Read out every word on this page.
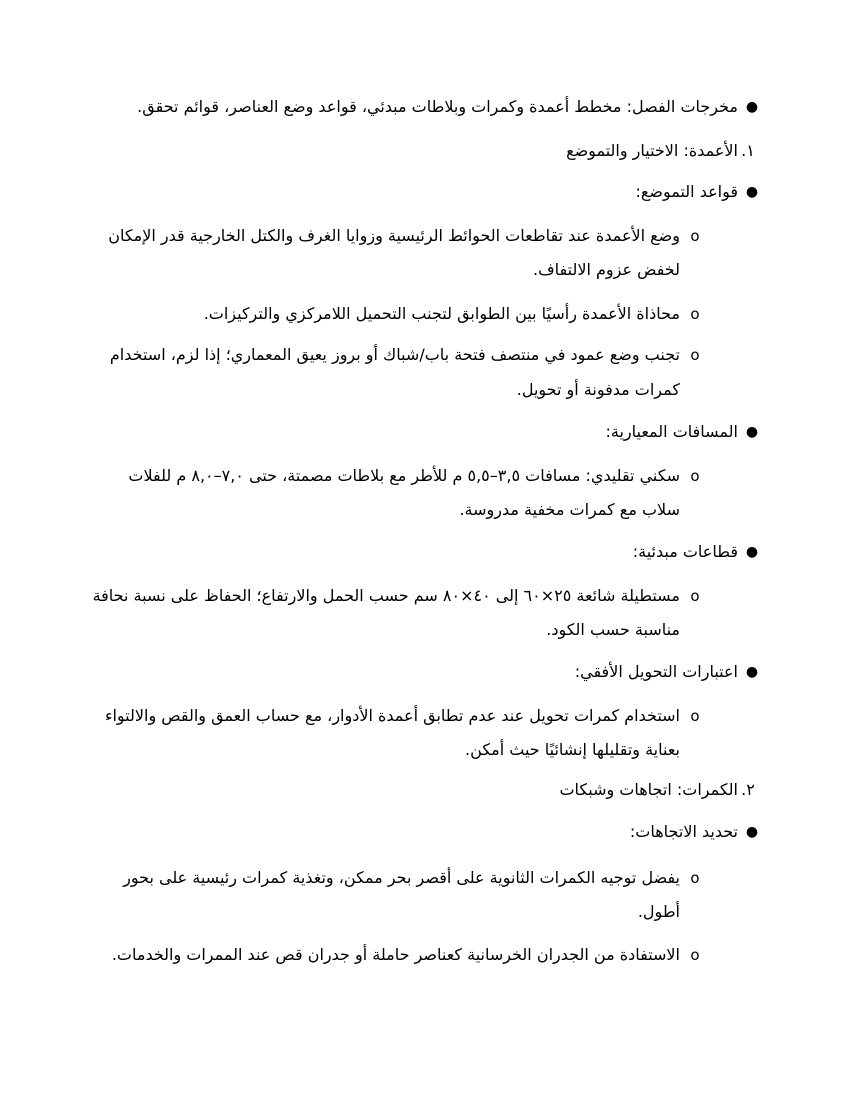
●
مخرجات الفصل: مخطط أعمدة وكمرات وبلاطات مبدئي، قواعد وضع العناصر، قوائم تحقق.
١.
الأعمدة: الاختيار والتموضع
●
قواعد التموضع:
o
وضع الأعمدة عند تقاطعات الحوائط الرئيسية وزوايا الغرف والكتل الخارجية قدر الإمكان
لخفض عزوم الالتفاف.
o
محاذاة الأعمدة رأسيًا بين الطوابق لتجنب التحميل اللامركزي والتركيزات.
o
تجنب وضع عمود في منتصف فتحة باب/شباك أو بروز يعيق المعماري؛ إذا لزم، استخدام
كمرات مدفونة أو تحويل.
●
المسافات المعيارية:
o
سكني تقليدي: مسافات ٣,٥–٥,٥ م للأطر مع بلاطات مصمتة، حتى ٧,٠–٨,٠ م للفلات
سلاب مع كمرات مخفية مدروسة.
●
قطاعات مبدئية:
o
مستطيلة شائعة ٢٥×٦٠ إلى ٤٠×٨٠ سم حسب الحمل والارتفاع؛ الحفاظ على نسبة نحافة
مناسبة حسب الكود.
●
اعتبارات التحويل الأفقي:
o
استخدام كمرات تحويل عند عدم تطابق أعمدة الأدوار، مع حساب العمق والقص والالتواء
بعناية وتقليلها إنشائيًا حيث أمكن.
٢.
الكمرات: اتجاهات وشبكات
●
تحديد الاتجاهات:
o
يفضل توجيه الكمرات الثانوية على أقصر بحر ممكن، وتغذية كمرات رئيسية على بحور
أطول.
o
الاستفادة من الجدران الخرسانية كعناصر حاملة أو جدران قص عند الممرات والخدمات.
